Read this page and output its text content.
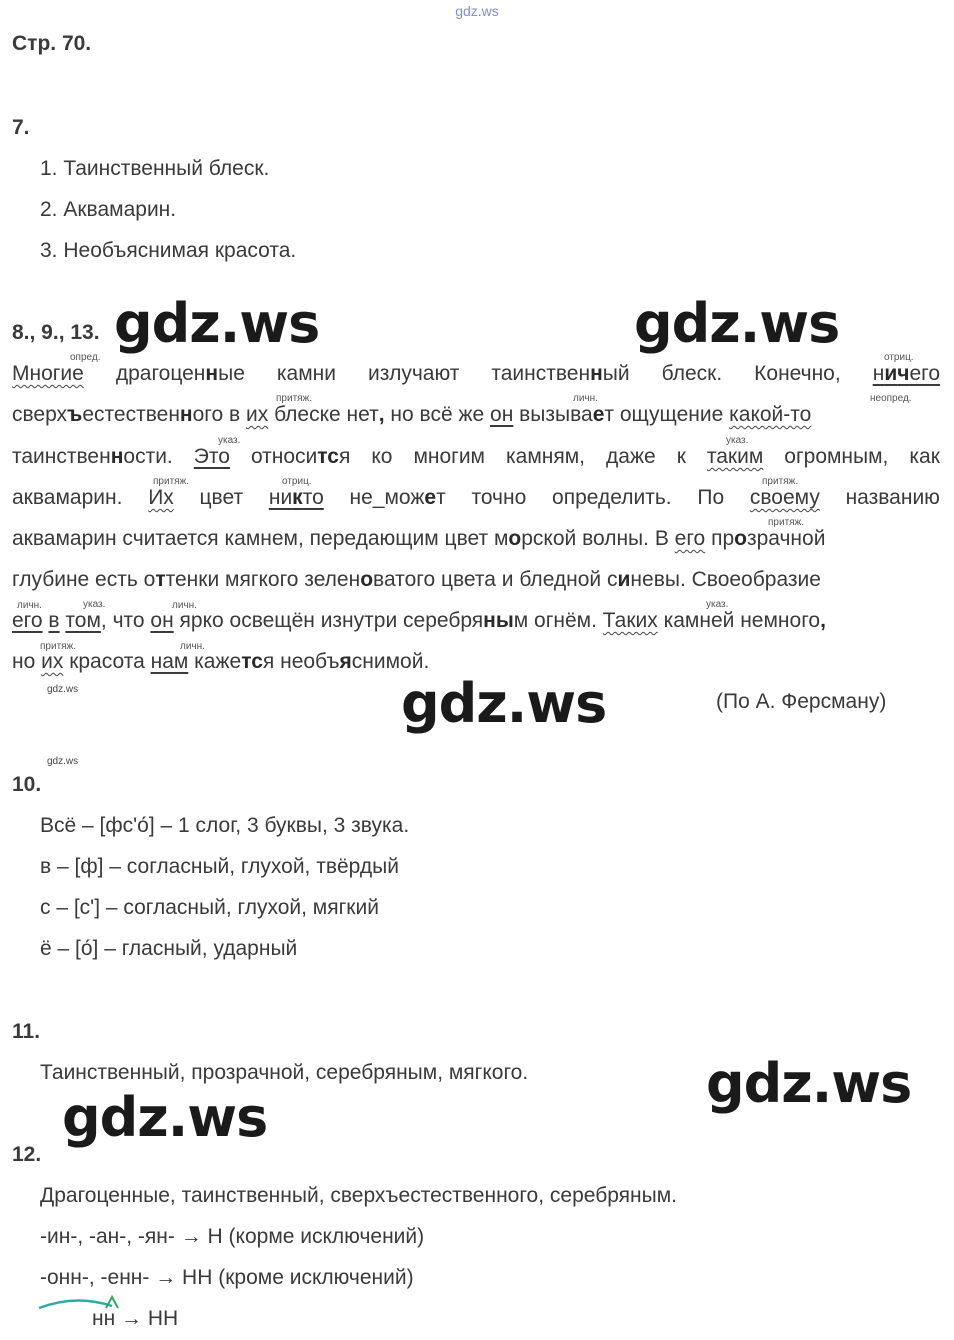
gdz.ws
Стр. 70.
7.
1. Таинственный блеск.
2. Аквамарин.
3. Необъяснимая красота.
8., 9., 13.
опред.	отриц.
притяж.	личн.	неопред.
указ.	указ.
притяж.	отриц.	притяж.
притяж.
личн.	указ.	личн.	указ.
притяж.	личн.
Многие драгоценные камни излучают таинственный блеск. Конечно, ничего
сверхъестественного в их блеске нет, но всё же он вызывает ощущение какой-то
таинственности. Это относится ко многим камням, даже к таким огромным, как
аквамарин. Их цвет никто не_может точно определить. По своему названию
аквамарин считается камнем, передающим цвет морской волны. В его прозрачной
глубине есть оттенки мягкого зеленоватого цвета и бледной синевы. Своеобразие
его в том, что он ярко освещён изнутри серебряным огнём. Таких камней немного,
но их красота нам кажется необъяснимой.
(По А. Ферсману)
10.
Всё – [фс'о́] – 1 слог, 3 буквы, 3 звука.
в – [ф] – согласный, глухой, твёрдый
с – [с'] – согласный, глухой, мягкий
ё – [о́] – гласный, ударный
11.
Таинственный, прозрачной, серебряным, мягкого.
12.
Драгоценные, таинственный, сверхъестественного, серебряным.
-ин-, -ан-, -ян- → Н (корме исключений)
-онн-, -енн- → НН (кроме исключений)
нн → НН
gdz.ws	gdz.ws
gdz.ws
gdz.ws
gdz.ws
gdz.ws
gdz.ws
